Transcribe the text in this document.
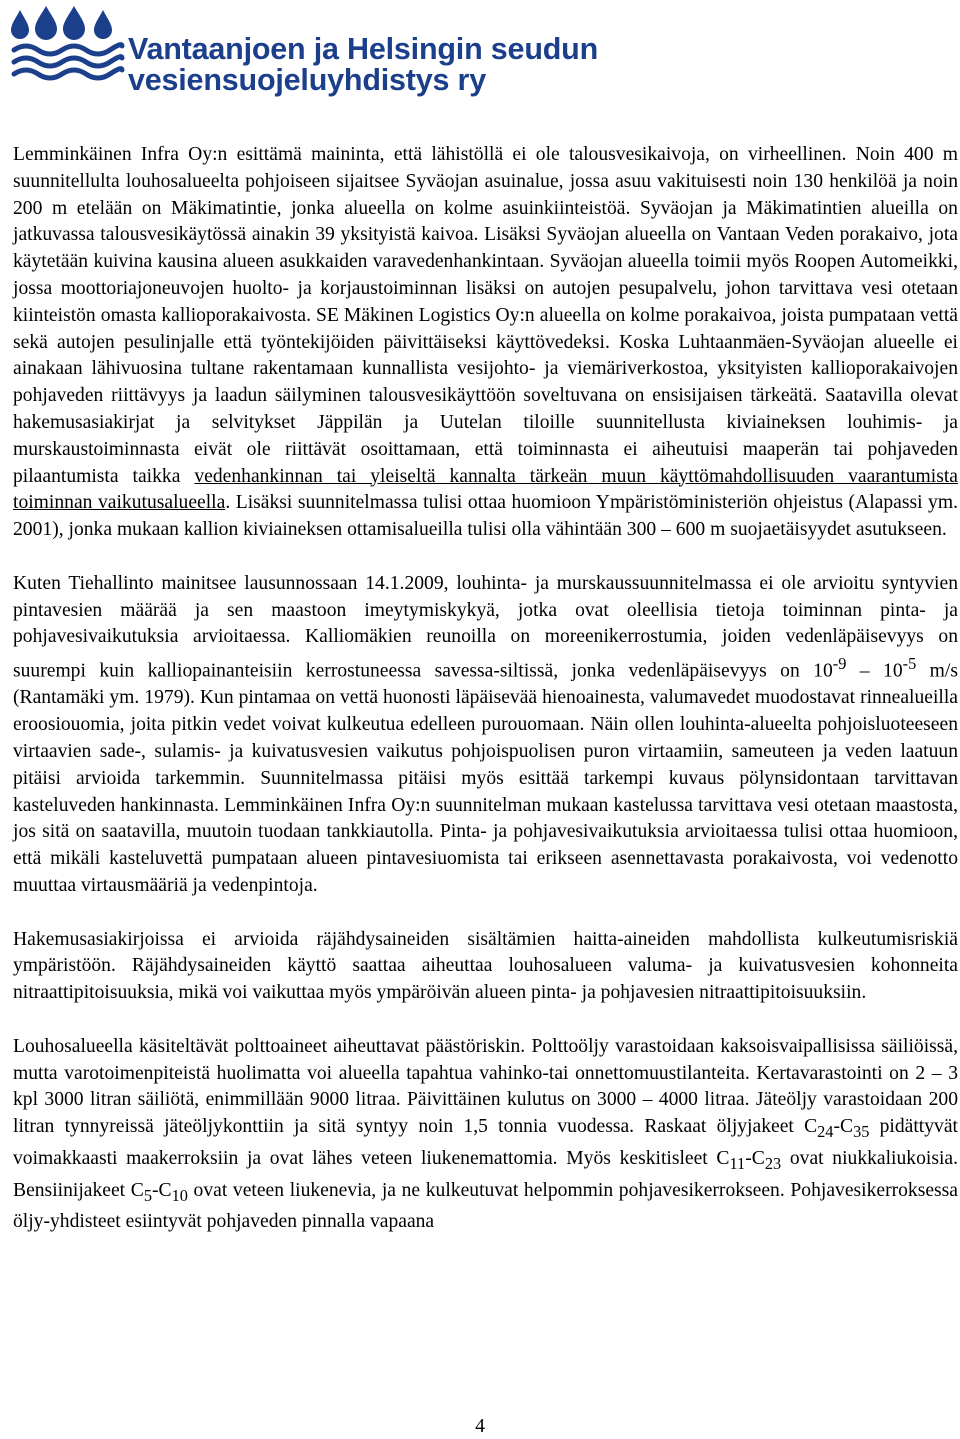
Vantaanjoen ja Helsingin seudun
vesiensuojeluyhdistys ry

Lemminkäinen Infra Oy:n esittämä maininta, että lähistöllä ei ole talousvesikaivoja, on virheellinen. Noin 400 m suunnitellulta louhosalueelta pohjoiseen sijaitsee Syväojan asuinalue, jossa asuu vakituisesti noin 130 henkilöä ja noin 200 m etelään on Mäkimatintie, jonka alueella on kolme asuinkiinteistöä. Syväojan ja Mäkimatintien alueilla on jatkuvassa talousvesikäytössä ainakin 39 yksityistä kaivoa. Lisäksi Syväojan alueella on Vantaan Veden porakaivo, jota käytetään kuivina kausina alueen asukkaiden varavedenhankintaan. Syväojan alueella toimii myös Roopen Automeikki, jossa moottoriajoneuvojen huolto- ja korjaustoiminnan lisäksi on autojen pesupalvelu, johon tarvittava vesi otetaan kiinteistön omasta kallioporakaivosta. SE Mäkinen Logistics Oy:n alueella on kolme porakaivoa, joista pumpataan vettä sekä autojen pesulinjalle että työntekijöiden päivittäiseksi käyttövedeksi. Koska Luhtaanmäen-Syväojan alueelle ei ainakaan lähivuosina tultane rakentamaan kunnallista vesijohto- ja viemäriverkostoa, yksityisten kallioporakaivojen pohjaveden riittävyys ja laadun säilyminen talousvesikäyttöön soveltuvana on ensisijaisen tärkeätä. Saatavilla olevat hakemusasiakirjat ja selvitykset Jäppilän ja Uutelan tiloille suunnitellusta kiviaineksen louhimis- ja murskaustoiminnasta eivät ole riittävät osoittamaan, että toiminnasta ei aiheutuisi maaperän tai pohjaveden pilaantumista taikka vedenhankinnan tai yleiseltä kannalta tärkeän muun käyttömahdollisuuden vaarantumista toiminnan vaikutusalueella. Lisäksi suunnitelmassa tulisi ottaa huomioon Ympäristöministeriön ohjeistus (Alapassi ym. 2001), jonka mukaan kallion kiviaineksen ottamisalueilla tulisi olla vähintään 300 – 600 m suojaetäisyydet asutukseen.

Kuten Tiehallinto mainitsee lausunnossaan 14.1.2009, louhinta- ja murskaussuunnitelmassa ei ole arvioitu syntyvien pintavesien määrää ja sen maastoon imeytymiskykyä, jotka ovat oleellisia tietoja toiminnan pinta- ja pohjavesivaikutuksia arvioitaessa. Kalliomäkien reunoilla on moreenikerrostumia, joiden vedenläpäisevyys on suurempi kuin kalliopainanteisiin kerrostuneessa savessa-siltissä, jonka vedenläpäisevyys on $10^{-9} - 10^{-5}$ m/s (Rantamäki ym. 1979). Kun pintamaa on vettä huonosti läpäisevää hienoainesta, valumavedet muodostavat rinnealueilla eroosiouomia, joita pitkin vedet voivat kulkeutua edelleen purouomaan. Näin ollen louhinta-alueelta pohjoisluoteeseen virtaavien sade-, sulamis- ja kuivatusvesien vaikutus pohjoispuolisen puron virtaamiin, sameuteen ja veden laatuun pitäisi arvioida tarkemmin. Suunnitelmassa pitäisi myös esittää tarkempi kuvaus pölynsidontaan tarvittavan kasteluveden hankinnasta. Lemminkäinen Infra Oy:n suunnitelman mukaan kastelussa tarvittava vesi otetaan maastosta, jos sitä on saatavilla, muutoin tuodaan tankkiautolla. Pinta- ja pohjavesivaikutuksia arvioitaessa tulisi ottaa huomioon, että mikäli kasteluvettä pumpataan alueen pintavesiuomista tai erikseen asennettavasta porakaivosta, voi vedenotto muuttaa virtausmääriä ja vedenpintoja.

Hakemusasiakirjoissa ei arvioida räjähdysaineiden sisältämien haitta-aineiden mahdollista kulkeutumisriskiä ympäristöön. Räjähdysaineiden käyttö saattaa aiheuttaa louhosalueen valuma- ja kuivatusvesien kohonneita nitraattipitoisuuksia, mikä voi vaikuttaa myös ympäröivän alueen pinta- ja pohjavesien nitraattipitoisuuksiin.

Louhosalueella käsiteltävät polttoaineet aiheuttavat päästöriskin. Polttoöljy varastoidaan kaksoisvaipallisissa säiliöissä, mutta varotoimenpiteistä huolimatta voi alueella tapahtua vahinko-tai onnettomuustilanteita. Kertavarastointi on 2 – 3 kpl 3000 litran säiliötä, enimmillään 9000 litraa. Päivittäinen kulutus on 3000 – 4000 litraa. Jäteöljy varastoidaan 200 litran tynnyreissä jäteöljykonttiin ja sitä syntyy noin 1,5 tonnia vuodessa. Raskaat öljyjakeet $C_{24}-C_{35}$ pidättyvät voimakkaasti maakerroksiin ja ovat lähes veteen liukenemattomia. Myös keskitisleet $C_{11}-C_{23}$ ovat niukkaliukoisia. Bensiinijakeet $C_5-C_{10}$ ovat veteen liukenevia, ja ne kulkeutuvat helpommin pohjavesikerrokseen. Pohjavesikerroksessa öljy-yhdisteet esiintyvät pohjaveden pinnalla vapaana

4
